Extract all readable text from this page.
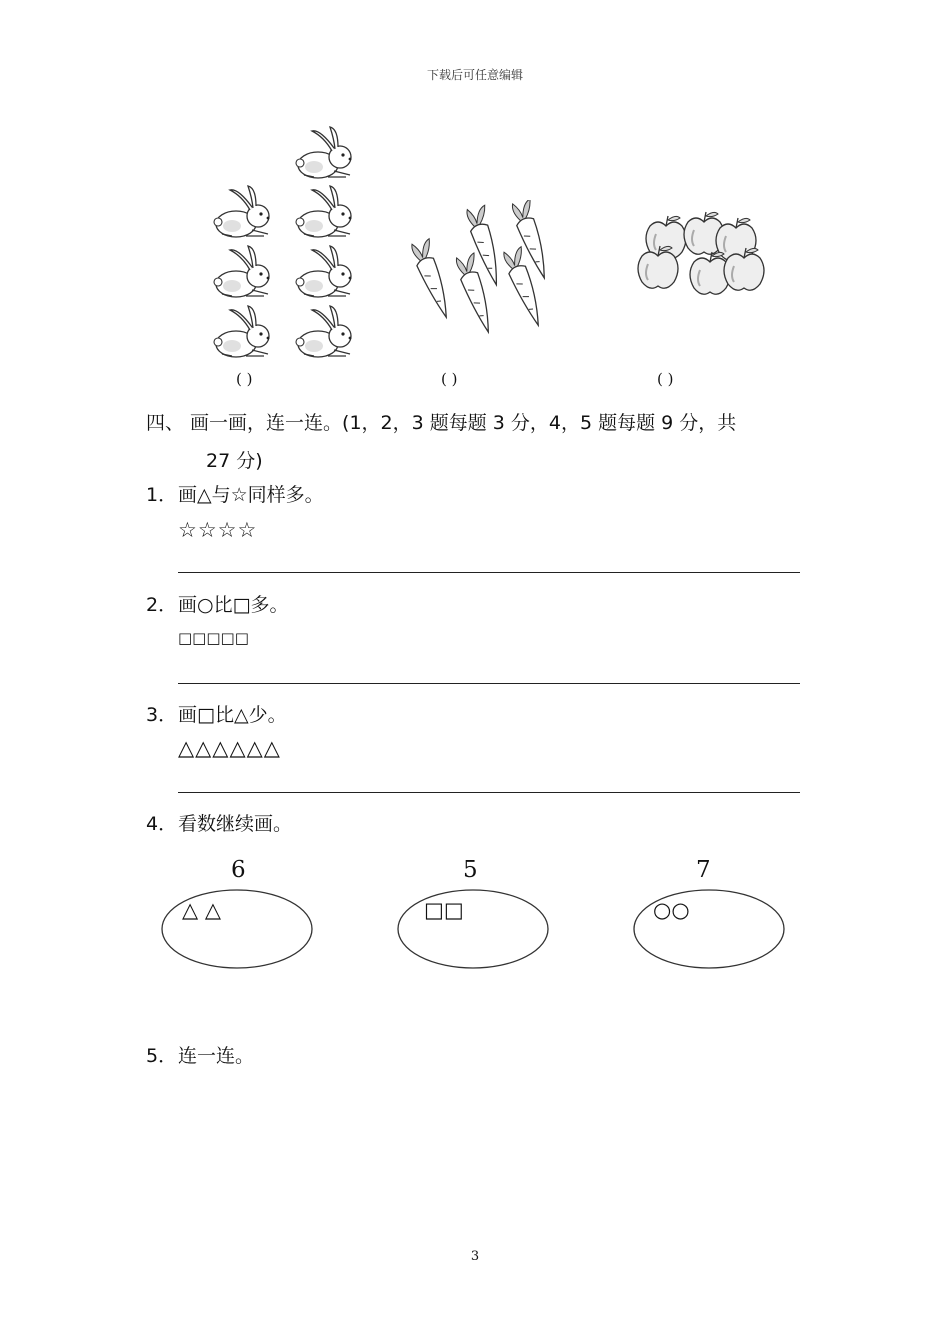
下载后可任意编辑
( )	( )	( )
四、 画一画，连一连。(1，2，3 题每题 3 分，4，5 题每题 9 分，共
27 分)
1．画△与☆同样多。
☆☆☆☆
2．画○比□多。
□□□□□
3．画□比△少。
△△△△△△
4．看数继续画。
6
△ △
5
□□
7
○○
5．连一连。
3
